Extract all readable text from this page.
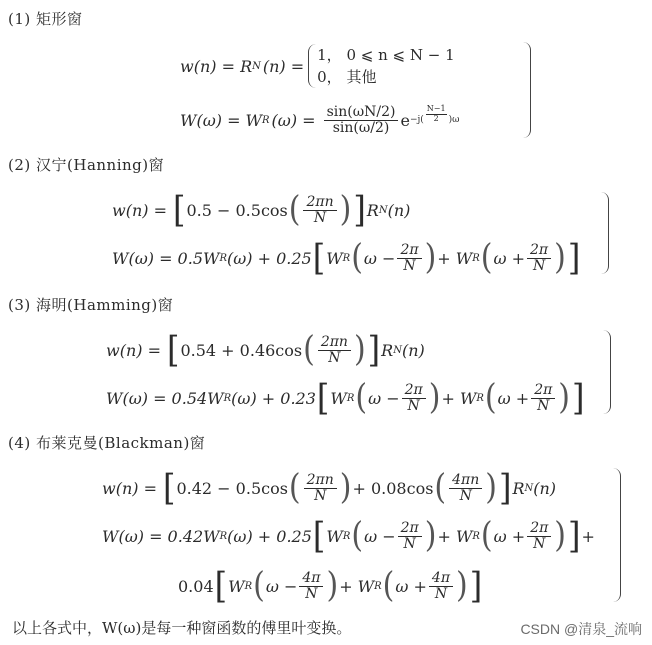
(1) 矩形窗
w(n) = R N (n) =
1， 0 ⩽ n ⩽ N − 1
0， 其他
W(ω) = W R $(\omega) = \frac{\sin(\omega N/2)}{\sin(\omega/2)}$ $e -j( \frac{N-1}{2} )\omega$
(2) 汉宁(Hanning)窗
w(n) = [ 0.5 − 0.5cos ( $\frac{2\pi n}{N}$ ) ] R N (n)
W(ω) = 0.5W R (ω) + 0.25 [ W R ( $\omega - \frac{2\pi}{N}$ ) + W R ( $\omega + \frac{2\pi}{N}$ ) ]
(3) 海明(Hamming)窗
w(n) = [ 0.54 + 0.46cos ( $\frac{2\pi n}{N}$ ) ] R N (n)
W(ω) = 0.54W R (ω) + 0.23 [ W R ( $\omega - \frac{2\pi}{N}$ ) + W R ( $\omega + \frac{2\pi}{N}$ ) ]
(4) 布莱克曼(Blackman)窗
w(n) = [ 0.42 − 0.5cos ( $\frac{2\pi n}{N}$ ) + 0.08cos ( $\frac{4\pi n}{N}$ ) ] R N (n)
W(ω) = 0.42W R (ω) + 0.25 [ W R ( $\omega - \frac{2\pi}{N}$ ) + W R ( $\omega + \frac{2\pi}{N}$ ) ] +
0.04 [ W R ( $\omega - \frac{4\pi}{N}$ ) + W R ( $\omega + \frac{4\pi}{N}$ ) ]
以上各式中，W(ω)是每一种窗函数的傅里叶变换。	CSDN @清泉_流响
